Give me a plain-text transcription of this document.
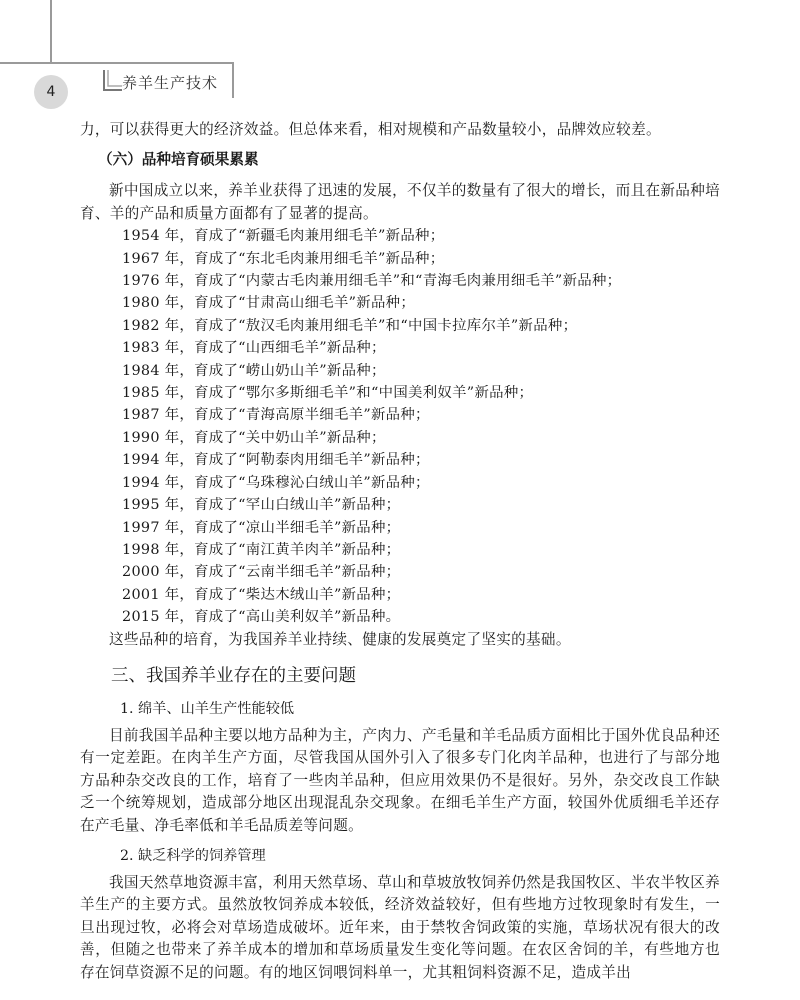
4	养羊生产技术

力，可以获得更大的经济效益。但总体来看，相对规模和产品数量较小，品牌效应较差。

（六）品种培育硕果累累

新中国成立以来，养羊业获得了迅速的发展，不仅羊的数量有了很大的增长，而且在新品种培育、羊的产品和质量方面都有了显著的提高。

1954 年，育成了“新疆毛肉兼用细毛羊”新品种；
1967 年，育成了“东北毛肉兼用细毛羊”新品种；
1976 年，育成了“内蒙古毛肉兼用细毛羊”和“青海毛肉兼用细毛羊”新品种；
1980 年，育成了“甘肃高山细毛羊”新品种；
1982 年，育成了“敖汉毛肉兼用细毛羊”和“中国卡拉库尔羊”新品种；
1983 年，育成了“山西细毛羊”新品种；
1984 年，育成了“崂山奶山羊”新品种；
1985 年，育成了“鄂尔多斯细毛羊”和“中国美利奴羊”新品种；
1987 年，育成了“青海高原半细毛羊”新品种；
1990 年，育成了“关中奶山羊”新品种；
1994 年，育成了“阿勒泰肉用细毛羊”新品种；
1994 年，育成了“乌珠穆沁白绒山羊”新品种；
1995 年，育成了“罕山白绒山羊”新品种；
1997 年，育成了“凉山半细毛羊”新品种；
1998 年，育成了“南江黄羊肉羊”新品种；
2000 年，育成了“云南半细毛羊”新品种；
2001 年，育成了“柴达木绒山羊”新品种；
2015 年，育成了“高山美利奴羊”新品种。

这些品种的培育，为我国养羊业持续、健康的发展奠定了坚实的基础。

三、我国养羊业存在的主要问题
1. 绵羊、山羊生产性能较低

目前我国羊品种主要以地方品种为主，产肉力、产毛量和羊毛品质方面相比于国外优良品种还有一定差距。在肉羊生产方面，尽管我国从国外引入了很多专门化肉羊品种，也进行了与部分地方品种杂交改良的工作，培育了一些肉羊品种，但应用效果仍不是很好。另外，杂交改良工作缺乏一个统筹规划，造成部分地区出现混乱杂交现象。在细毛羊生产方面，较国外优质细毛羊还存在产毛量、净毛率低和羊毛品质差等问题。

2. 缺乏科学的饲养管理

我国天然草地资源丰富，利用天然草场、草山和草坡放牧饲养仍然是我国牧区、半农半牧区养羊生产的主要方式。虽然放牧饲养成本较低，经济效益较好，但有些地方过牧现象时有发生，一旦出现过牧，必将会对草场造成破坏。近年来，由于禁牧舍饲政策的实施，草场状况有很大的改善，但随之也带来了养羊成本的增加和草场质量发生变化等问题。在农区舍饲的羊，有些地方也存在饲草资源不足的问题。有的地区饲喂饲料单一，尤其粗饲料资源不足，造成羊出
